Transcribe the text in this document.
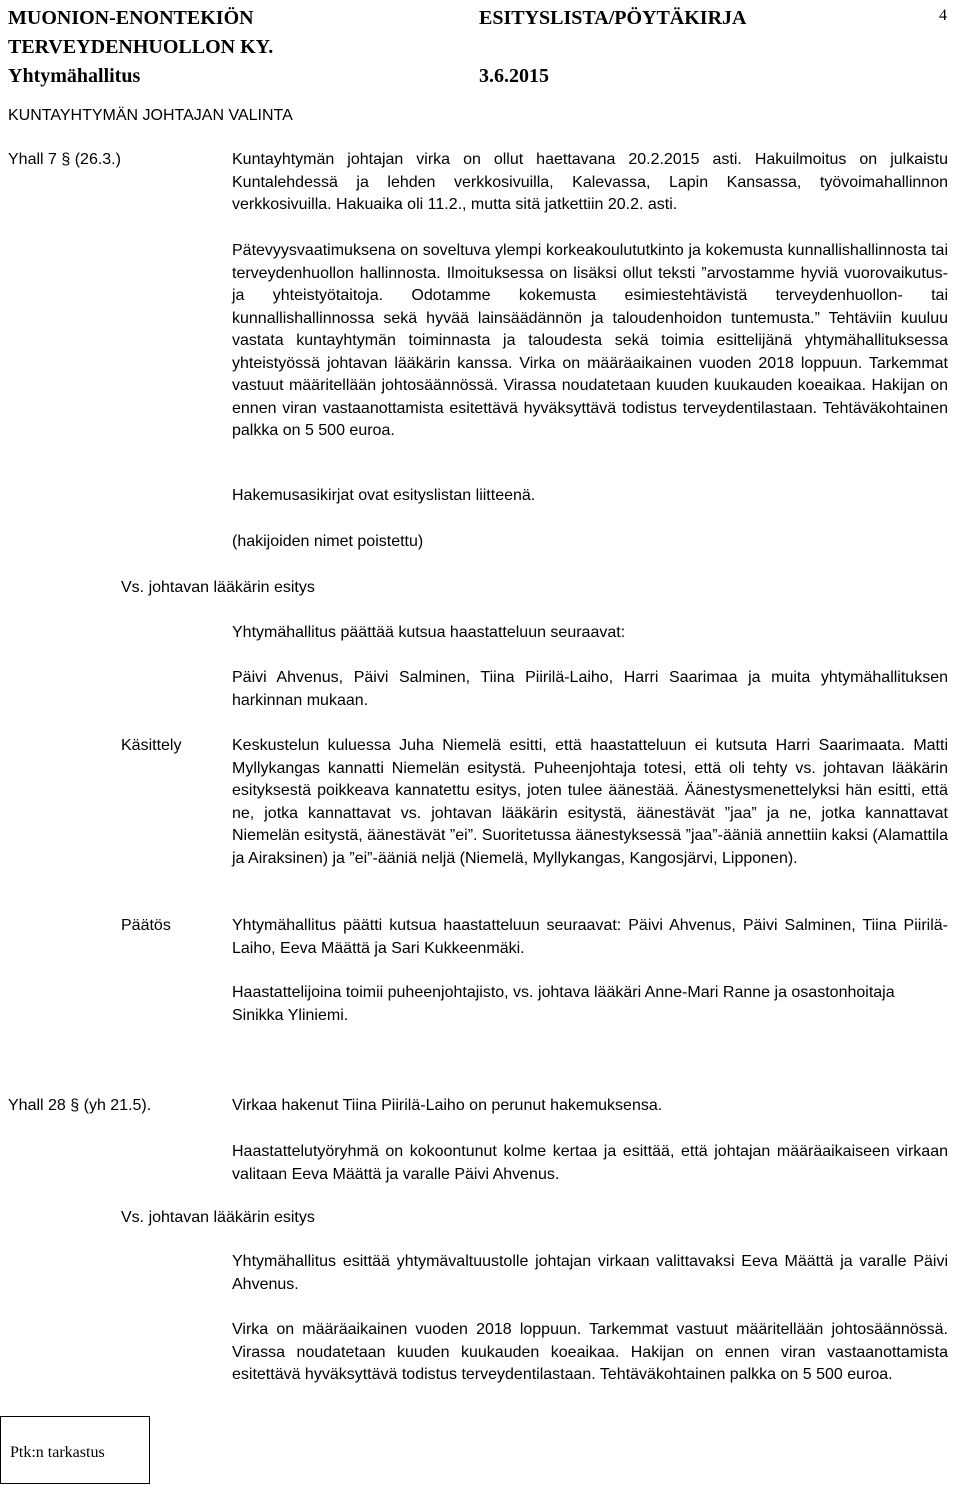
MUONION-ENONTEKIÖN
TERVEYDENHUOLLON KY.
Yhtymähallitus
ESITYSLISTA/PÖYTÄKIRJA
3.6.2015
4
KUNTAYHTYMÄN JOHTAJAN VALINTA
Yhall 7 § (26.3.)	Kuntayhtymän johtajan virka on ollut haettavana 20.2.2015 asti. Hakuilmoitus on julkaistu Kuntalehdessä ja lehden verkkosivuilla, Kalevassa, Lapin Kansassa, työvoimahallinnon verkkosivuilla. Hakuaika oli 11.2., mutta sitä jatkettiin 20.2. asti.

Pätevyysvaatimuksena on soveltuva ylempi korkeakoulututkinto ja kokemusta kunnallishallinnosta tai terveydenhuollon hallinnosta. Ilmoituksessa on lisäksi ollut teksti ”arvostamme hyviä vuorovaikutus- ja yhteistyötaitoja. Odotamme kokemusta esimiestehtävistä terveydenhuollon- tai kunnallishallinnossa sekä hyvää lainsäädännön ja taloudenhoidon tuntemusta.” Tehtäviin kuuluu vastata kuntayhtymän toiminnasta ja taloudesta sekä toimia esittelijänä yhtymähallituksessa yhteistyössä johtavan lääkärin kanssa. Virka on määräaikainen vuoden 2018 loppuun. Tarkemmat vastuut määritellään johtosäännössä. Virassa noudatetaan kuuden kuukauden koeaikaa. Hakijan on ennen viran vastaanottamista esitettävä hyväksyttävä todistus terveydentilastaan. Tehtäväkohtainen palkka on 5 500 euroa.

Hakemusasikirjat ovat esityslistan liitteenä.

(hakijoiden nimet poistettu)

Vs. johtavan lääkärin esitys

Yhtymähallitus päättää kutsua haastatteluun seuraavat:

Päivi Ahvenus, Päivi Salminen, Tiina Piirilä-Laiho, Harri Saarimaa ja muita yhtymähallituksen harkinnan mukaan.

Käsittely	Keskustelun kuluessa Juha Niemelä esitti, että haastatteluun ei kutsuta Harri Saarimaata. Matti Myllykangas kannatti Niemelän esitystä. Puheenjohtaja totesi, että oli tehty vs. johtavan lääkärin esityksestä poikkeava kannatettu esitys, joten tulee äänestää. Äänestysmenettelyksi hän esitti, että ne, jotka kannattavat vs. johtavan lääkärin esitystä, äänestävät ”jaa” ja ne, jotka kannattavat Niemelän esitystä, äänestävät ”ei”. Suoritetussa äänestyksessä ”jaa”-ääniä annettiin kaksi (Alamattila ja Airaksinen) ja ”ei”-ääniä neljä (Niemelä, Myllykangas, Kangosjärvi, Lipponen).

Päätös	Yhtymähallitus päätti kutsua haastatteluun seuraavat: Päivi Ahvenus, Päivi Salminen, Tiina Piirilä-Laiho, Eeva Määttä ja Sari Kukkeenmäki.

Haastattelijoina toimii puheenjohtajisto, vs. johtava lääkäri Anne-Mari Ranne ja osastonhoitaja Sinikka Yliniemi.

Yhall 28 § (yh 21.5).	Virkaa hakenut Tiina Piirilä-Laiho on perunut hakemuksensa.

Haastattelutyöryhmä on kokoontunut kolme kertaa ja esittää, että johtajan määräaikaiseen virkaan valitaan Eeva Määttä ja varalle Päivi Ahvenus.

Vs. johtavan lääkärin esitys

Yhtymähallitus esittää yhtymävaltuustolle johtajan virkaan valittavaksi Eeva Määttä ja varalle Päivi Ahvenus.

Virka on määräaikainen vuoden 2018 loppuun. Tarkemmat vastuut määritellään johtosäännössä. Virassa noudatetaan kuuden kuukauden koeaikaa. Hakijan on ennen viran vastaanottamista esitettävä hyväksyttävä todistus terveydentilastaan. Tehtäväkohtainen palkka on 5 500 euroa.

Ptk:n tarkastus
